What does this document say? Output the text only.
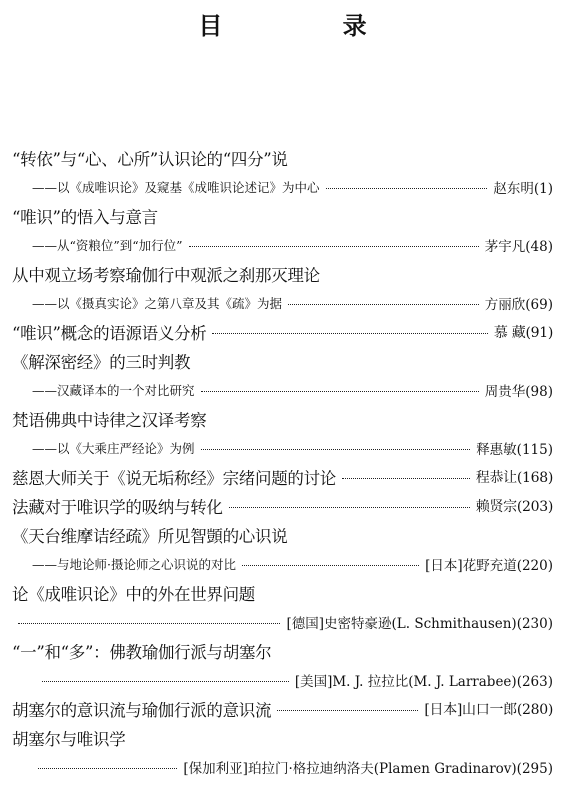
目 录
“转依”与“心、心所”认识论的“四分”说
——以《成唯识论》及窥基《成唯识论述记》为中心	赵东明(1)
“唯识”的悟入与意言
——从“资粮位”到“加行位”	茅宇凡(48)
从中观立场考察瑜伽行中观派之刹那灭理论
——以《摄真实论》之第八章及其《疏》为据	方丽欣(69)
“唯识”概念的语源语义分析	慕 藏(91)
《解深密经》的三时判教
——汉藏译本的一个对比研究	周贵华(98)
梵语佛典中诗律之汉译考察
——以《大乘庄严经论》为例	释惠敏(115)
慈恩大师关于《说无垢称经》宗绪问题的讨论	程恭让(168)
法藏对于唯识学的吸纳与转化	赖贤宗(203)
《天台维摩诘经疏》所见智顗的心识说
——与地论师·摄论师之心识说的对比	[日本]花野充道(220)
论《成唯识论》中的外在世界问题
[德国]史密特豪逊(L. Schmithausen)(230)
“一”和“多”：佛教瑜伽行派与胡塞尔
[美国]M. J. 拉拉比(M. J. Larrabee)(263)
胡塞尔的意识流与瑜伽行派的意识流	[日本]山口一郎(280)
胡塞尔与唯识学
[保加利亚]珀拉门·格拉迪纳洛夫(Plamen Gradinarov)(295)
